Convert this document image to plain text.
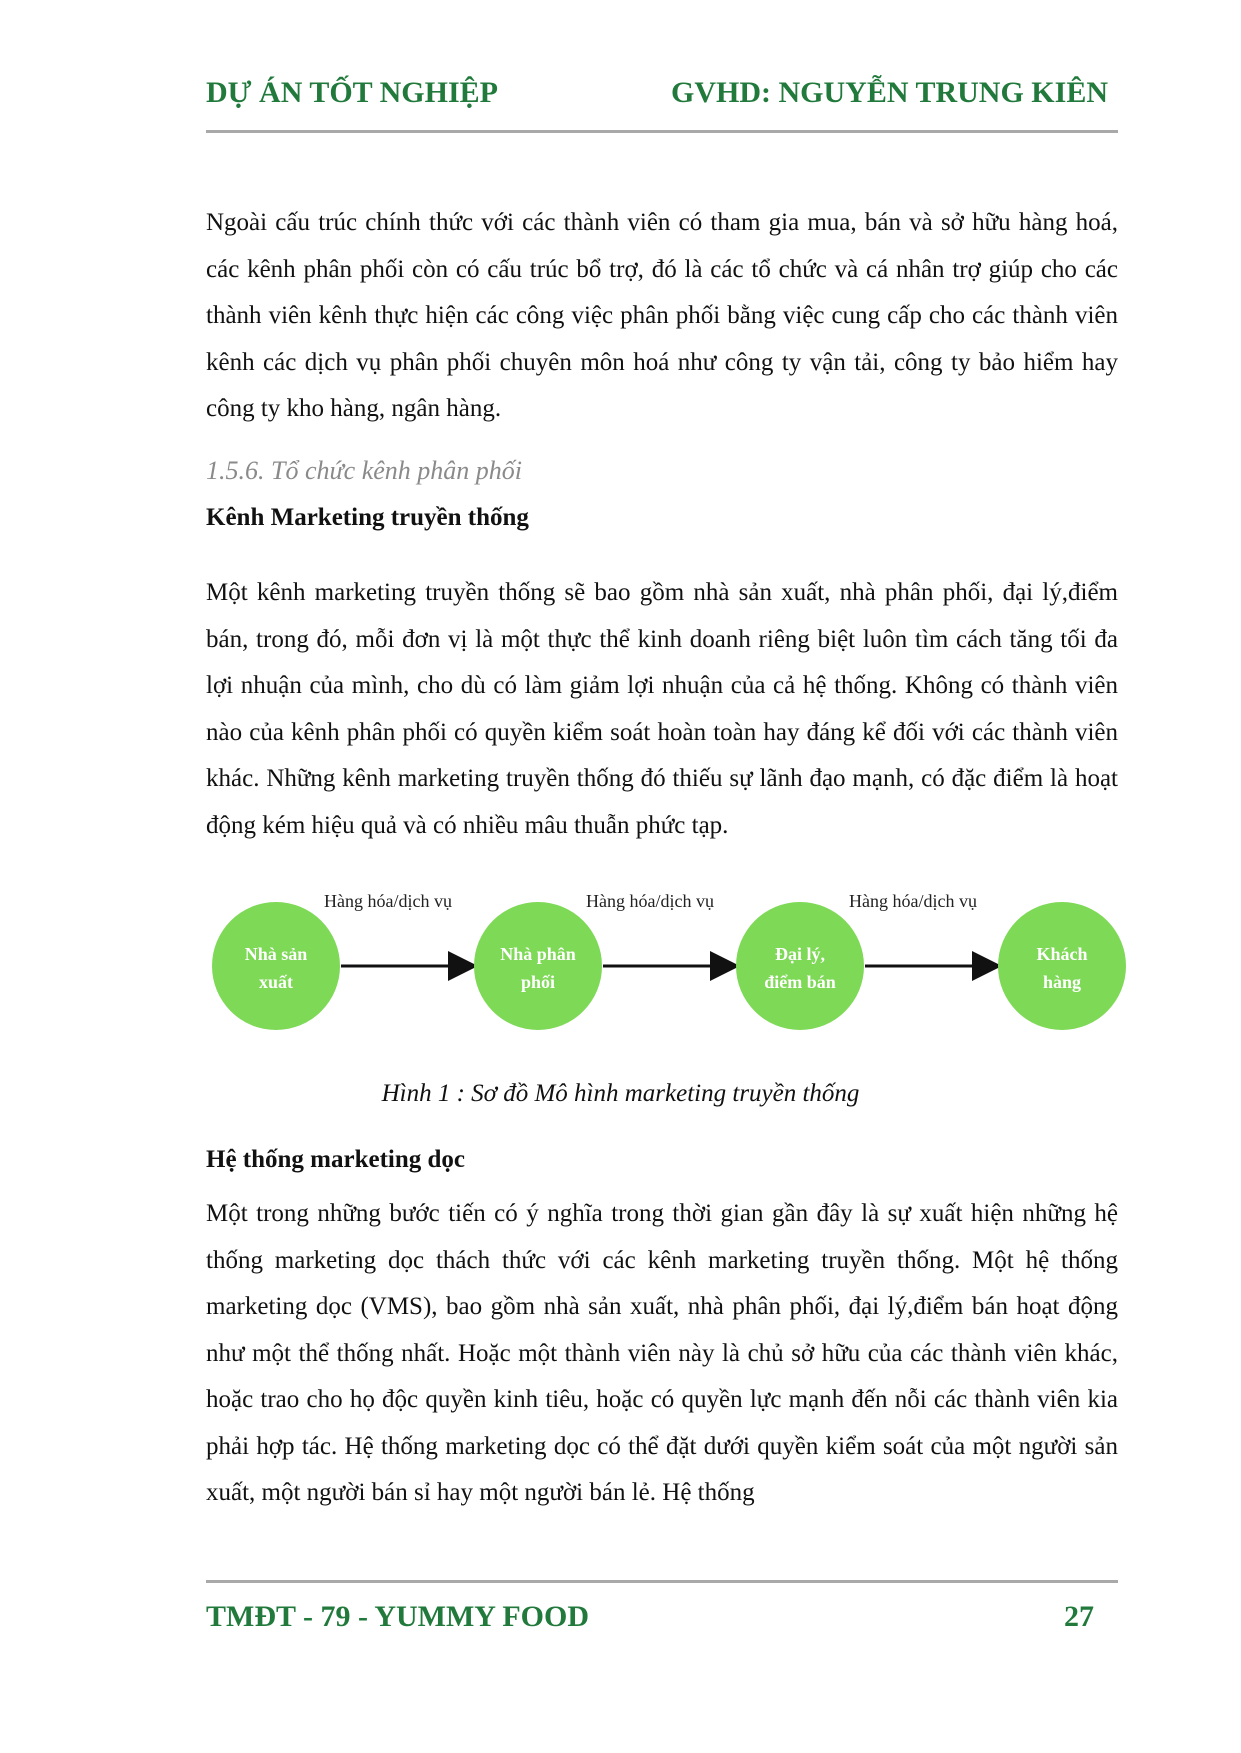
DỰ ÁN TỐT NGHIỆP	GVHD: NGUYỄN TRUNG KIÊN

Ngoài cấu trúc chính thức với các thành viên có tham gia mua, bán và sở hữu hàng hoá, các kênh phân phối còn có cấu trúc bổ trợ, đó là các tổ chức và cá nhân trợ giúp cho các thành viên kênh thực hiện các công việc phân phối bằng việc cung cấp cho các thành viên kênh các dịch vụ phân phối chuyên môn hoá như công ty vận tải, công ty bảo hiểm hay công ty kho hàng, ngân hàng.

1.5.6. Tổ chức kênh phân phối
Kênh Marketing truyền thống

Một kênh marketing truyền thống sẽ bao gồm nhà sản xuất, nhà phân phối, đại lý,điểm bán, trong đó, mỗi đơn vị là một thực thể kinh doanh riêng biệt luôn tìm cách tăng tối đa lợi nhuận của mình, cho dù có làm giảm lợi nhuận của cả hệ thống. Không có thành viên nào của kênh phân phối có quyền kiểm soát hoàn toàn hay đáng kể đối với các thành viên khác. Những kênh marketing truyền thống đó thiếu sự lãnh đạo mạnh, có đặc điểm là hoạt động kém hiệu quả và có nhiều mâu thuẫn phức tạp.

Hàng hóa/dịch vụ	Hàng hóa/dịch vụ	Hàng hóa/dịch vụ
Nhà sản
xuất
Nhà phân
phối
Đại lý,
điểm bán
Khách
hàng
Hình 1 : Sơ đồ Mô hình marketing truyền thống
Hệ thống marketing dọc

Một trong những bước tiến có ý nghĩa trong thời gian gần đây là sự xuất hiện những hệ thống marketing dọc thách thức với các kênh marketing truyền thống. Một hệ thống marketing dọc (VMS), bao gồm nhà sản xuất, nhà phân phối, đại lý,điểm bán hoạt động như một thể thống nhất. Hoặc một thành viên này là chủ sở hữu của các thành viên khác, hoặc trao cho họ độc quyền kinh tiêu, hoặc có quyền lực mạnh đến nỗi các thành viên kia phải hợp tác. Hệ thống marketing dọc có thể đặt dưới quyền kiểm soát của một người sản xuất, một người bán sỉ hay một người bán lẻ. Hệ thống

TMĐT - 79 - YUMMY FOOD	27
